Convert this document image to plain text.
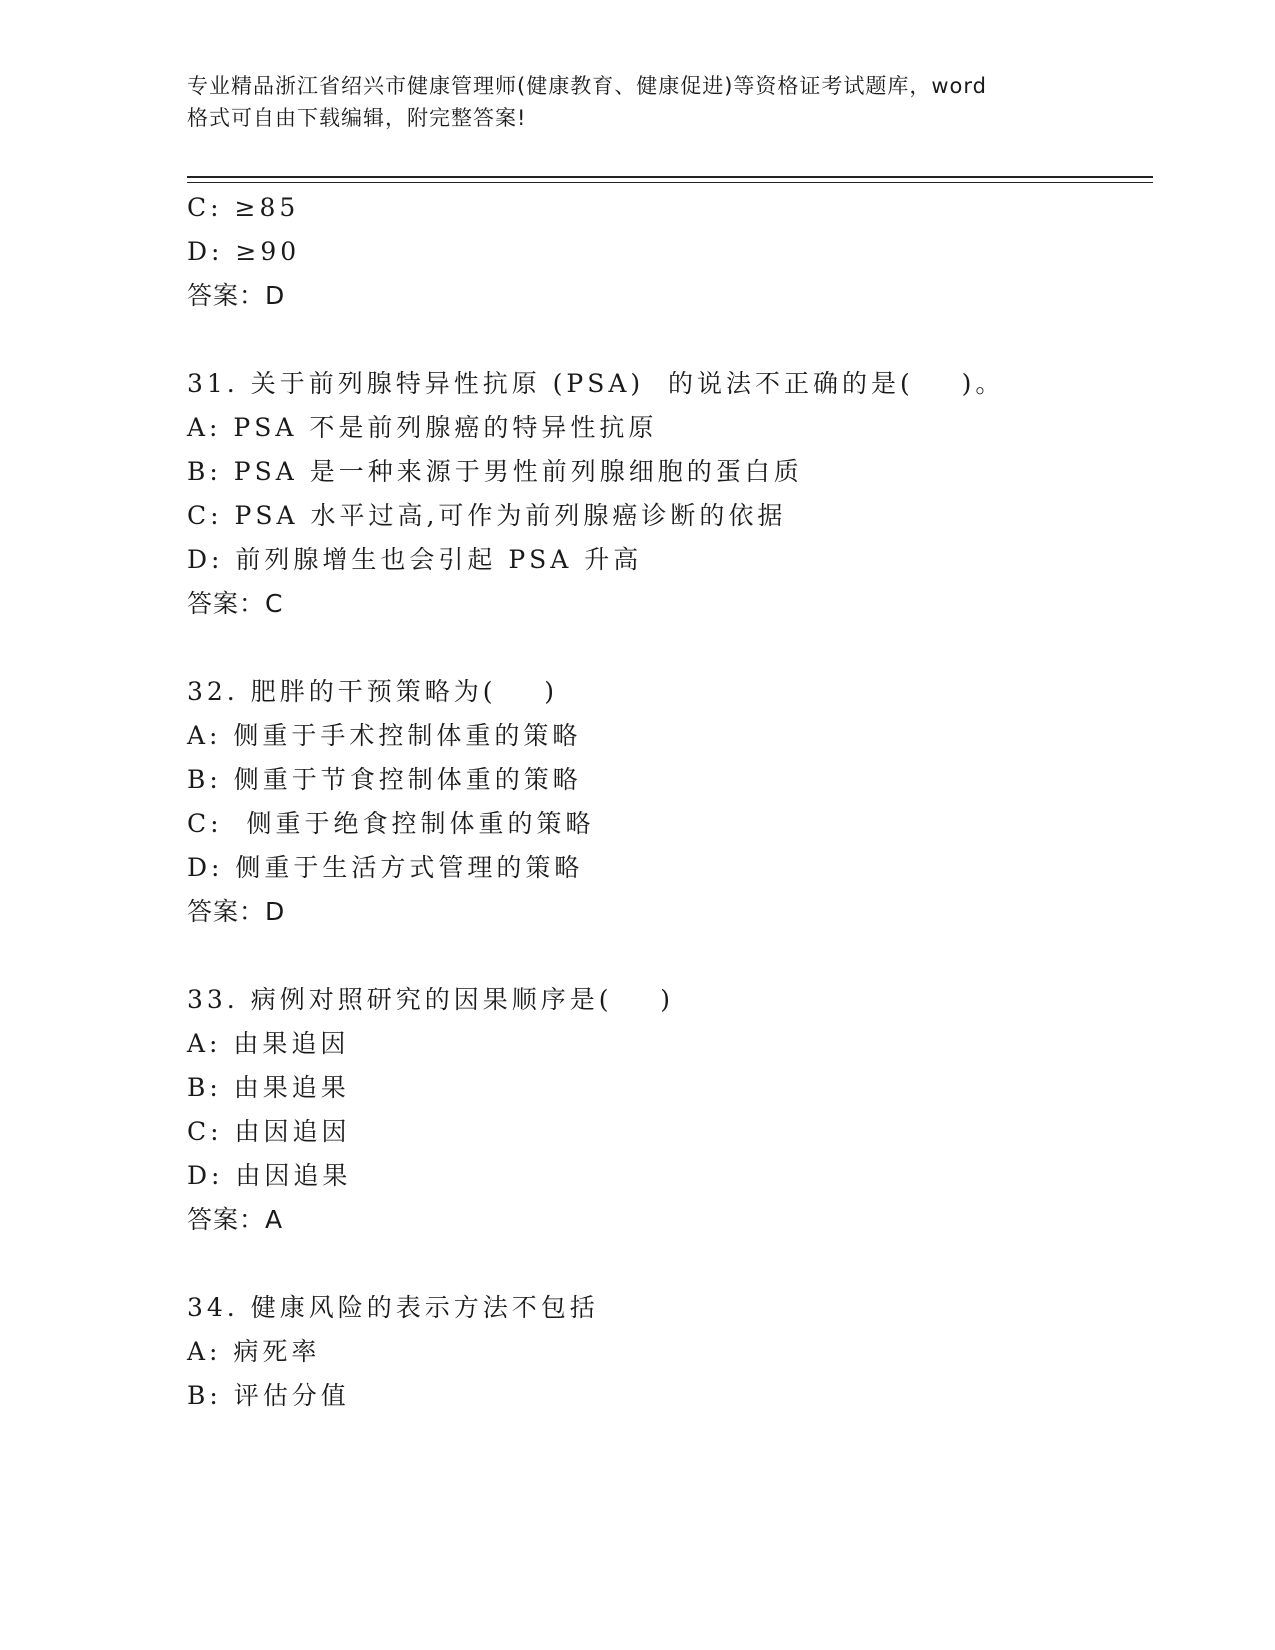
专业精品浙江省绍兴市健康管理师(健康教育、健康促进)等资格证考试题库，word
格式可自由下载编辑，附完整答案!
C: ≥85
D: ≥90
答案：D
31. 关于前列腺特异性抗原 (PSA)  的说法不正确的是(    )。
A: PSA 不是前列腺癌的特异性抗原
B: PSA 是一种来源于男性前列腺细胞的蛋白质
C: PSA 水平过高,可作为前列腺癌诊断的依据
D: 前列腺增生也会引起 PSA 升高
答案：C
32. 肥胖的干预策略为(    )
A: 侧重于手术控制体重的策略
B: 侧重于节食控制体重的策略
C:  侧重于绝食控制体重的策略
D: 侧重于生活方式管理的策略
答案：D
33. 病例对照研究的因果顺序是(    )
A: 由果追因
B: 由果追果
C: 由因追因
D: 由因追果
答案：A
34. 健康风险的表示方法不包括
A: 病死率
B: 评估分值
